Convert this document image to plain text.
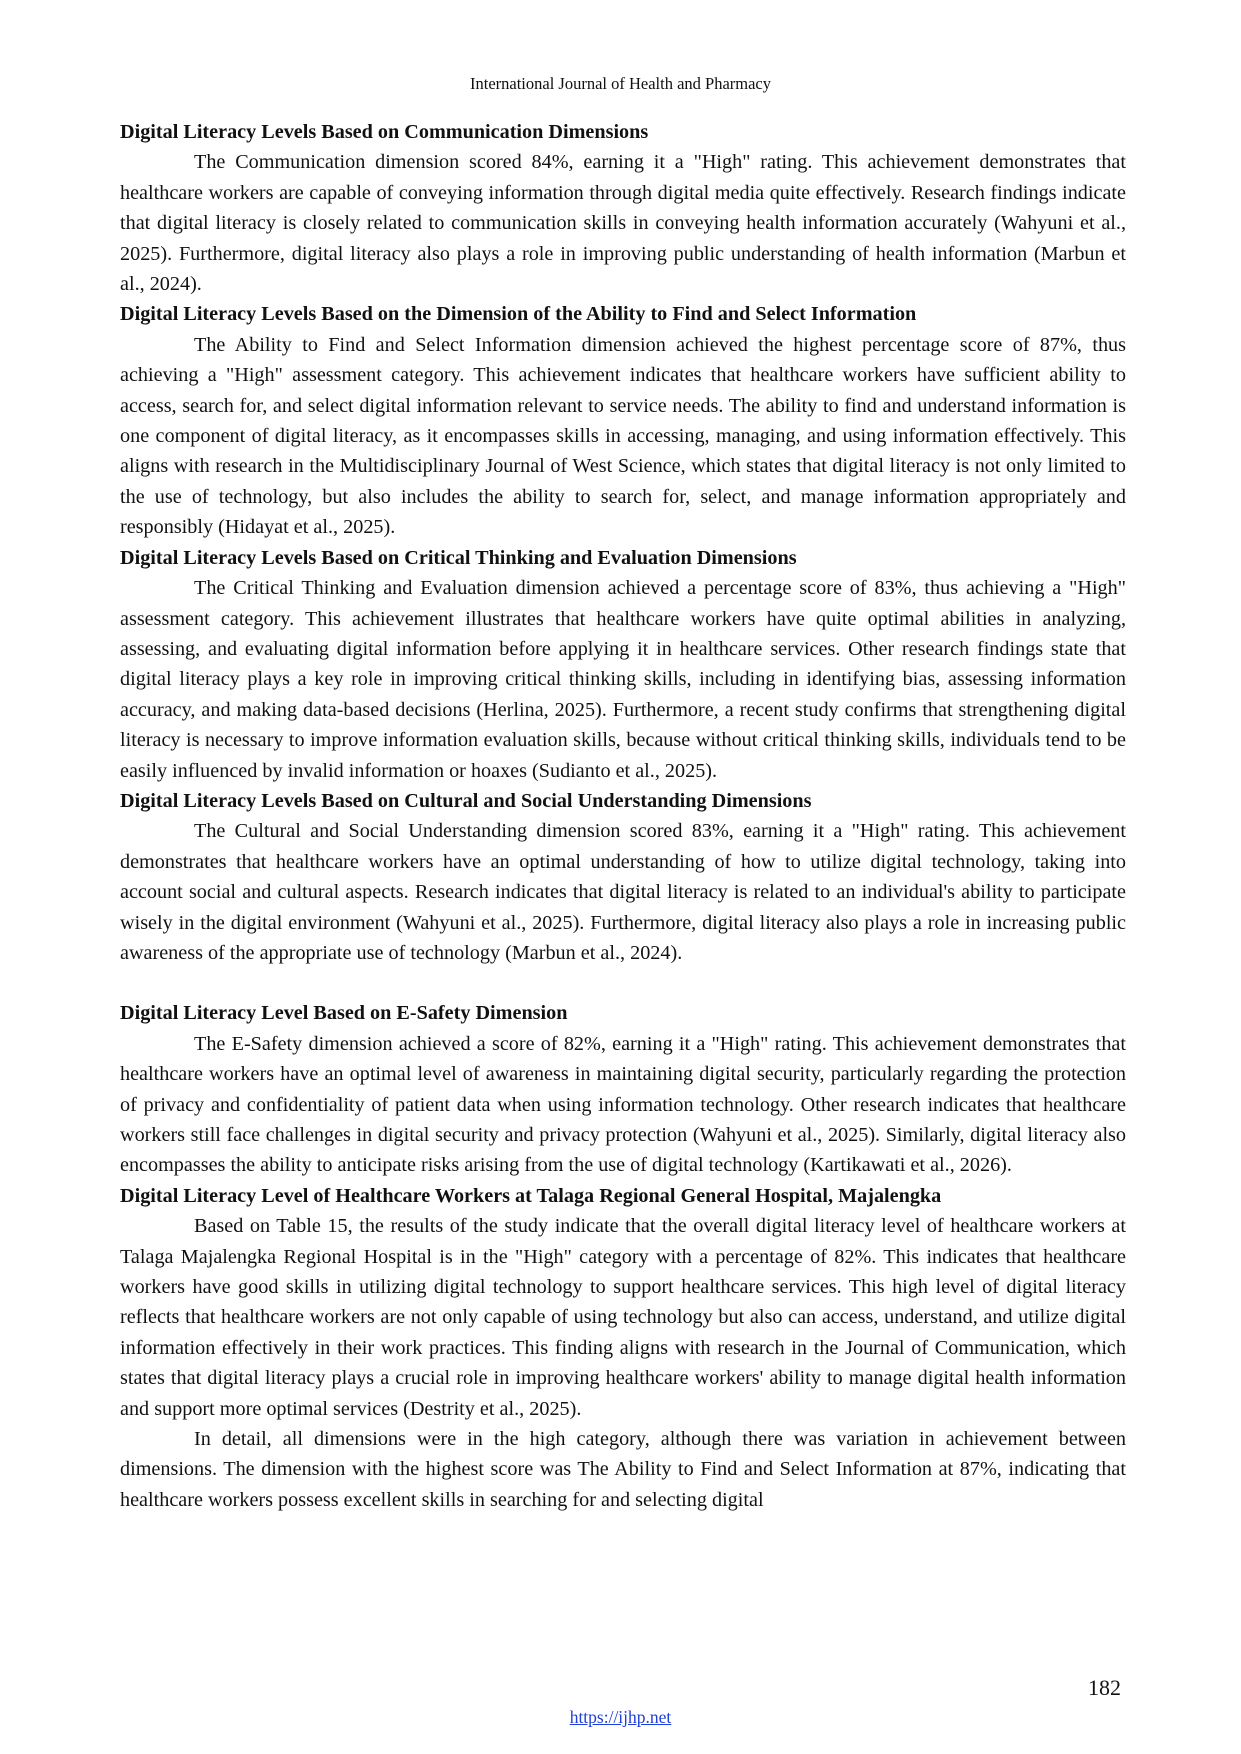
International Journal of Health and Pharmacy
Digital Literacy Levels Based on Communication Dimensions

The Communication dimension scored 84%, earning it a "High" rating. This achievement demonstrates that healthcare workers are capable of conveying information through digital media quite effectively. Research findings indicate that digital literacy is closely related to communication skills in conveying health information accurately (Wahyuni et al., 2025). Furthermore, digital literacy also plays a role in improving public understanding of health information (Marbun et al., 2024).

Digital Literacy Levels Based on the Dimension of the Ability to Find and Select Information

The Ability to Find and Select Information dimension achieved the highest percentage score of 87%, thus achieving a "High" assessment category. This achievement indicates that healthcare workers have sufficient ability to access, search for, and select digital information relevant to service needs. The ability to find and understand information is one component of digital literacy, as it encompasses skills in accessing, managing, and using information effectively. This aligns with research in the Multidisciplinary Journal of West Science, which states that digital literacy is not only limited to the use of technology, but also includes the ability to search for, select, and manage information appropriately and responsibly (Hidayat et al., 2025).

Digital Literacy Levels Based on Critical Thinking and Evaluation Dimensions

The Critical Thinking and Evaluation dimension achieved a percentage score of 83%, thus achieving a "High" assessment category. This achievement illustrates that healthcare workers have quite optimal abilities in analyzing, assessing, and evaluating digital information before applying it in healthcare services. Other research findings state that digital literacy plays a key role in improving critical thinking skills, including in identifying bias, assessing information accuracy, and making data-based decisions (Herlina, 2025). Furthermore, a recent study confirms that strengthening digital literacy is necessary to improve information evaluation skills, because without critical thinking skills, individuals tend to be easily influenced by invalid information or hoaxes (Sudianto et al., 2025).

Digital Literacy Levels Based on Cultural and Social Understanding Dimensions

The Cultural and Social Understanding dimension scored 83%, earning it a "High" rating. This achievement demonstrates that healthcare workers have an optimal understanding of how to utilize digital technology, taking into account social and cultural aspects. Research indicates that digital literacy is related to an individual's ability to participate wisely in the digital environment (Wahyuni et al., 2025). Furthermore, digital literacy also plays a role in increasing public awareness of the appropriate use of technology (Marbun et al., 2024).

Digital Literacy Level Based on E-Safety Dimension

The E-Safety dimension achieved a score of 82%, earning it a "High" rating. This achievement demonstrates that healthcare workers have an optimal level of awareness in maintaining digital security, particularly regarding the protection of privacy and confidentiality of patient data when using information technology. Other research indicates that healthcare workers still face challenges in digital security and privacy protection (Wahyuni et al., 2025). Similarly, digital literacy also encompasses the ability to anticipate risks arising from the use of digital technology (Kartikawati et al., 2026).

Digital Literacy Level of Healthcare Workers at Talaga Regional General Hospital, Majalengka

Based on Table 15, the results of the study indicate that the overall digital literacy level of healthcare workers at Talaga Majalengka Regional Hospital is in the "High" category with a percentage of 82%. This indicates that healthcare workers have good skills in utilizing digital technology to support healthcare services. This high level of digital literacy reflects that healthcare workers are not only capable of using technology but also can access, understand, and utilize digital information effectively in their work practices. This finding aligns with research in the Journal of Communication, which states that digital literacy plays a crucial role in improving healthcare workers' ability to manage digital health information and support more optimal services (Destrity et al., 2025).

In detail, all dimensions were in the high category, although there was variation in achievement between dimensions. The dimension with the highest score was The Ability to Find and Select Information at 87%, indicating that healthcare workers possess excellent skills in searching for and selecting digital

182
https://ijhp.net
